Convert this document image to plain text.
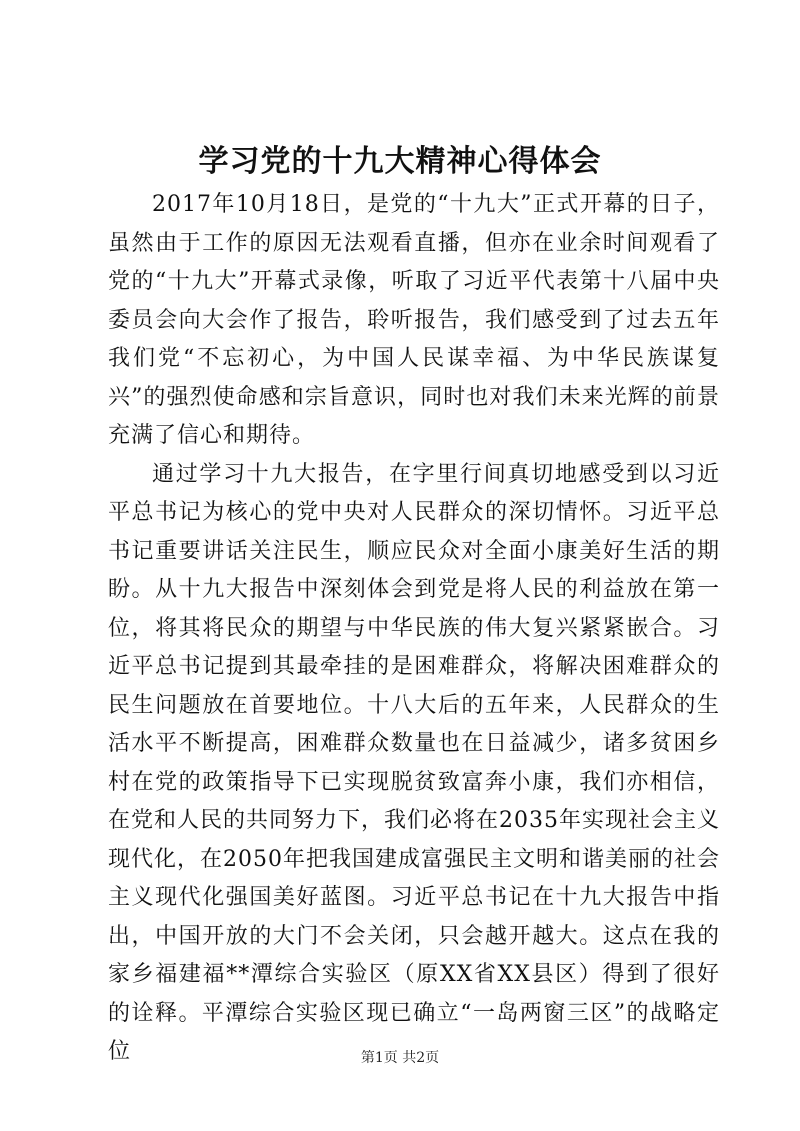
学习党的十九大精神心得体会

2017年10月18日，是党的“十九大”正式开幕的日子，虽然由于工作的原因无法观看直播，但亦在业余时间观看了党的“十九大”开幕式录像，听取了习近平代表第十八届中央委员会向大会作了报告，聆听报告，我们感受到了过去五年我们党“不忘初心，为中国人民谋幸福、为中华民族谋复兴”的强烈使命感和宗旨意识，同时也对我们未来光辉的前景充满了信心和期待。

通过学习十九大报告，在字里行间真切地感受到以习近平总书记为核心的党中央对人民群众的深切情怀。习近平总书记重要讲话关注民生，顺应民众对全面小康美好生活的期盼。从十九大报告中深刻体会到党是将人民的利益放在第一位，将其将民众的期望与中华民族的伟大复兴紧紧嵌合。习近平总书记提到其最牵挂的是困难群众，将解决困难群众的民生问题放在首要地位。十八大后的五年来，人民群众的生活水平不断提高，困难群众数量也在日益减少，诸多贫困乡村在党的政策指导下已实现脱贫致富奔小康，我们亦相信，在党和人民的共同努力下，我们必将在2035年实现社会主义现代化，在2050年把我国建成富强民主文明和谐美丽的社会主义现代化强国美好蓝图。习近平总书记在十九大报告中指出，中国开放的大门不会关闭，只会越开越大。这点在我的家乡福建福**潭综合实验区（原XX省XX县区）得到了很好的诠释。平潭综合实验区现已确立“一岛两窗三区”的战略定位	第1页 共2页
